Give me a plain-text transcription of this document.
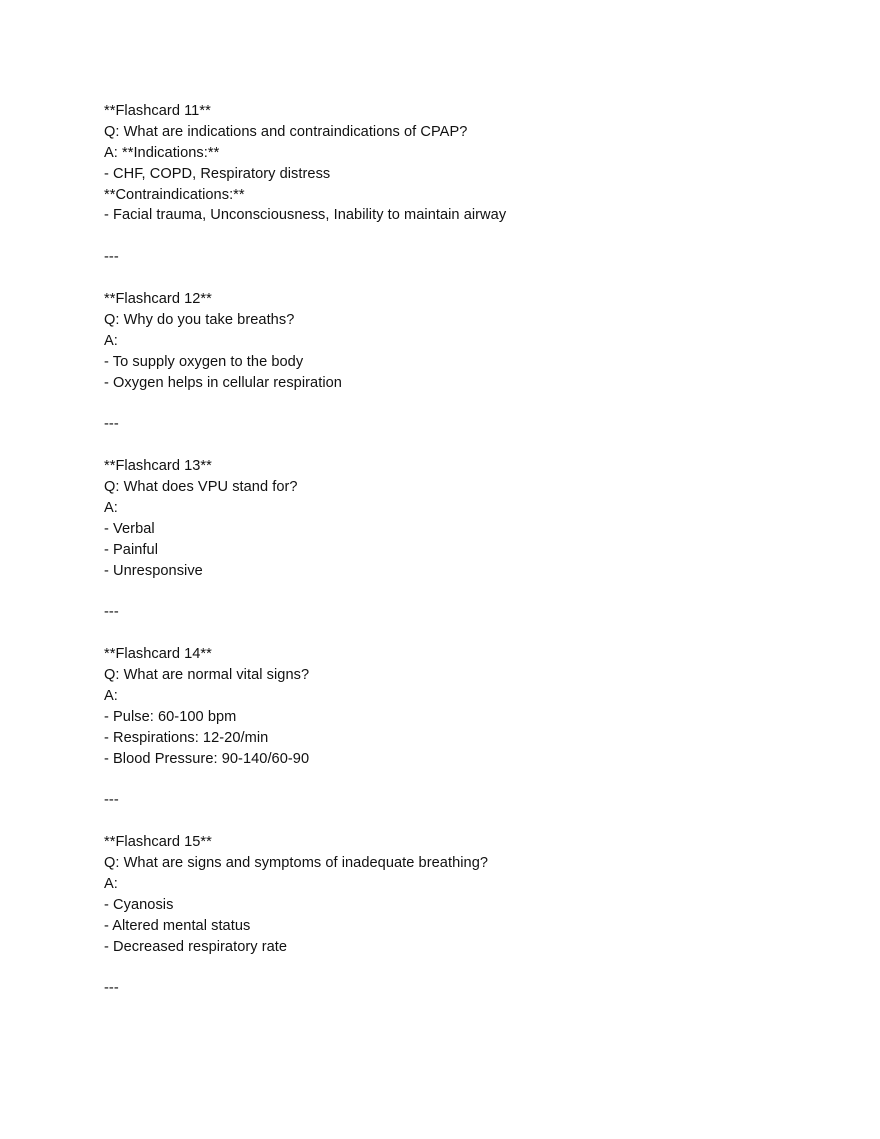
**Flashcard 11**
Q: What are indications and contraindications of CPAP?
A: **Indications:**
- CHF, COPD, Respiratory distress
**Contraindications:**
- Facial trauma, Unconsciousness, Inability to maintain airway
---
**Flashcard 12**
Q: Why do you take breaths?
A:
- To supply oxygen to the body
- Oxygen helps in cellular respiration
---
**Flashcard 13**
Q: What does VPU stand for?
A:
- Verbal
- Painful
- Unresponsive
---
**Flashcard 14**
Q: What are normal vital signs?
A:
- Pulse: 60-100 bpm
- Respirations: 12-20/min
- Blood Pressure: 90-140/60-90
---
**Flashcard 15**
Q: What are signs and symptoms of inadequate breathing?
A:
- Cyanosis
- Altered mental status
- Decreased respiratory rate
---
